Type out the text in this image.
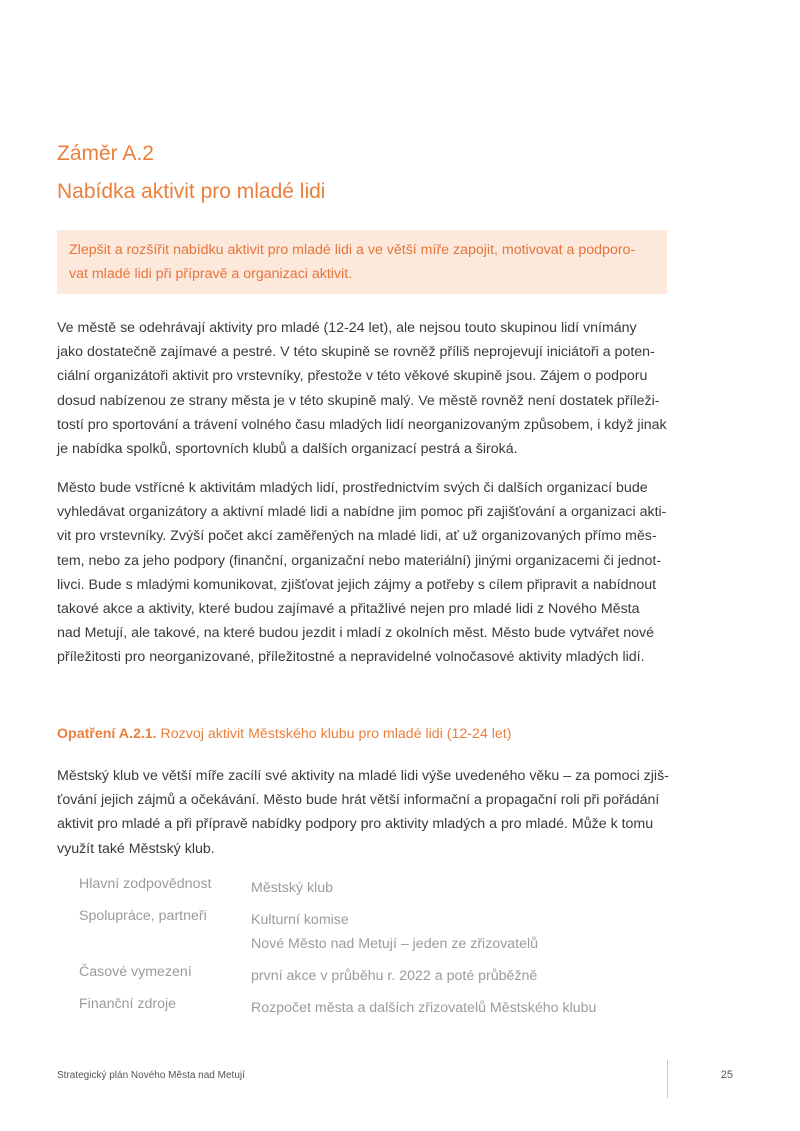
Záměr A.2
Nabídka aktivit pro mladé lidi
Zlepšit a rozšířit nabídku aktivit pro mladé lidi a ve větší míře zapojit, motivovat a podporo-
vat mladé lidi při přípravě a organizaci aktivit.
Ve městě se odehrávají aktivity pro mladé (12-24 let), ale nejsou touto skupinou lidí vnímány
jako dostatečně zajímavé a pestré. V této skupině se rovněž příliš neprojevují iniciátoři a poten-
ciální organizátoři aktivit pro vrstevníky, přestože v této věkové skupině jsou. Zájem o podporu
dosud nabízenou ze strany města je v této skupině malý. Ve městě rovněž není dostatek příleži-
tostí pro sportování a trávení volného času mladých lidí neorganizovaným způsobem, i když jinak
je nabídka spolků, sportovních klubů a dalších organizací pestrá a široká.
Město bude vstřícné k aktivitám mladých lidí, prostřednictvím svých či dalších organizací bude
vyhledávat organizátory a aktivní mladé lidi a nabídne jim pomoc při zajišťování a organizaci akti-
vit pro vrstevníky. Zvýší počet akcí zaměřených na mladé lidi, ať už organizovaných přímo měs-
tem, nebo za jeho podpory (finanční, organizační nebo materiální) jinými organizacemi či jednot-
livci. Bude s mladými komunikovat, zjišťovat jejich zájmy a potřeby s cílem připravit a nabídnout
takové akce a aktivity, které budou zajímavé a přitažlivé nejen pro mladé lidi z Nového Města
nad Metují, ale takové, na které budou jezdit i mladí z okolních měst. Město bude vytvářet nové
příležitosti pro neorganizované, příležitostné a nepravidelné volnočasové aktivity mladých lidí.
Opatření A.2.1. Rozvoj aktivit Městského klubu pro mladé lidi (12-24 let)
Městský klub ve větší míře zacílí své aktivity na mladé lidi výše uvedeného věku – za pomoci zjiš-
ťování jejich zájmů a očekávání. Město bude hrát větší informační a propagační roli při pořádání
aktivit pro mladé a při přípravě nabídky podpory pro aktivity mladých a pro mladé. Může k tomu
využít také Městský klub.
Hlavní zodpovědnost	Městský klub
Spolupráce, partneři	Kulturní komise
Nové Město nad Metují – jeden ze zřizovatelů
Časové vymezení	první akce v průběhu r. 2022 a poté průběžně
Finanční zdroje	Rozpočet města a dalších zřizovatelů Městského klubu
Strategický plán Nového Města nad Metují	25
